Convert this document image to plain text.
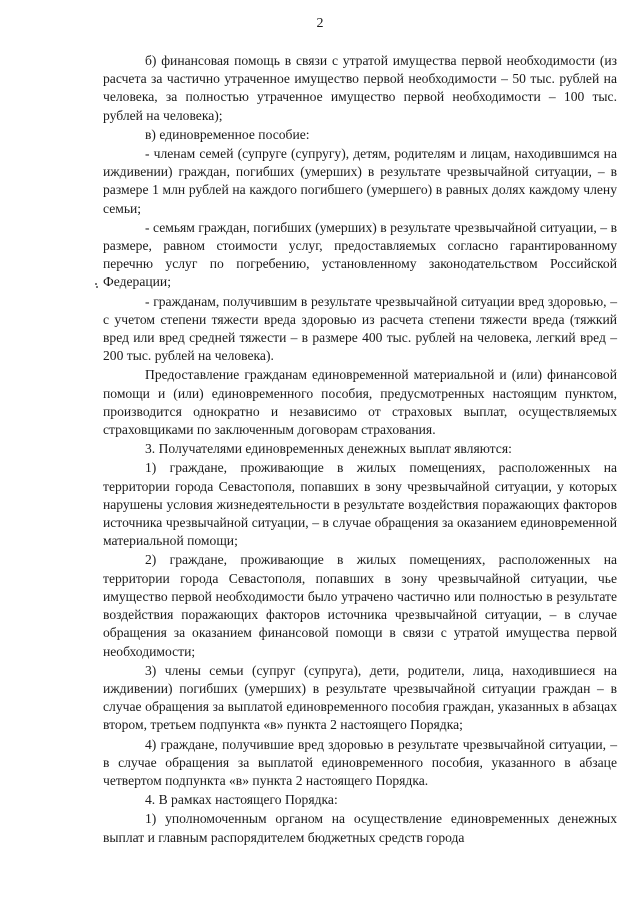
2

б) финансовая помощь в связи с утратой имущества первой необходимости (из расчета за частично утраченное имущество первой необходимости – 50 тыс. рублей на человека, за полностью утраченное имущество первой необходимости – 100 тыс. рублей на человека);

в) единовременное пособие:

- членам семей (супруге (супругу), детям, родителям и лицам, находившимся на иждивении) граждан, погибших (умерших) в результате чрезвычайной ситуации, – в размере 1 млн рублей на каждого погибшего (умершего) в равных долях каждому члену семьи;

- семьям граждан, погибших (умерших) в результате чрезвычайной ситуации, – в размере, равном стоимости услуг, предоставляемых согласно гарантированному перечню услуг по погребению, установленному законодательством Российской Федерации;

- гражданам, получившим в результате чрезвычайной ситуации вред здоровью, – с учетом степени тяжести вреда здоровью из расчета степени тяжести вреда (тяжкий вред или вред средней тяжести – в размере 400 тыс. рублей на человека, легкий вред – 200 тыс. рублей на человека).

Предоставление гражданам единовременной материальной и (или) финансовой помощи и (или) единовременного пособия, предусмотренных настоящим пунктом, производится однократно и независимо от страховых выплат, осуществляемых страховщиками по заключенным договорам страхования.

3. Получателями единовременных денежных выплат являются:

1) граждане, проживающие в жилых помещениях, расположенных на территории города Севастополя, попавших в зону чрезвычайной ситуации, у которых нарушены условия жизнедеятельности в результате воздействия поражающих факторов источника чрезвычайной ситуации, – в случае обращения за оказанием единовременной материальной помощи;

2) граждане, проживающие в жилых помещениях, расположенных на территории города Севастополя, попавших в зону чрезвычайной ситуации, чье имущество первой необходимости было утрачено частично или полностью в результате воздействия поражающих факторов источника чрезвычайной ситуации, – в случае обращения за оказанием финансовой помощи в связи с утратой имущества первой необходимости;

3) члены семьи (супруг (супруга), дети, родители, лица, находившиеся на иждивении) погибших (умерших) в результате чрезвычайной ситуации граждан – в случае обращения за выплатой единовременного пособия граждан, указанных в абзацах втором, третьем подпункта «в» пункта 2 настоящего Порядка;

4) граждане, получившие вред здоровью в результате чрезвычайной ситуации, – в случае обращения за выплатой единовременного пособия, указанного в абзаце четвертом подпункта «в» пункта 2 настоящего Порядка.

4. В рамках настоящего Порядка:

1) уполномоченным органом на осуществление единовременных денежных выплат и главным распорядителем бюджетных средств города
